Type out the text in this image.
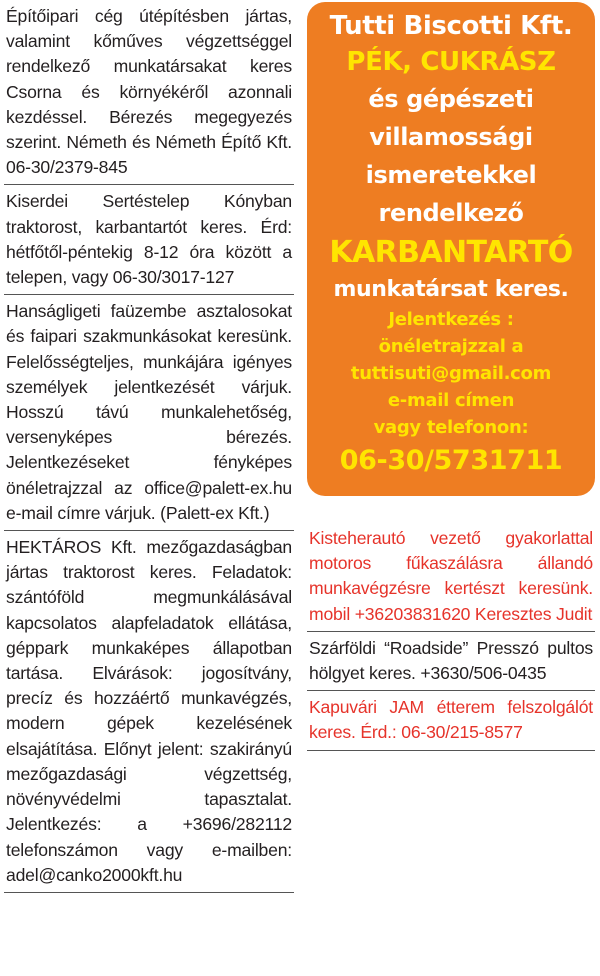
Építőipari cég útépítésben jártas, valamint kőműves végzettséggel rendelkező munkatársakat keres Csorna és környékéről azonnali kezdéssel. Bérezés megegyezés szerint. Németh és Németh Építő Kft. 06-30/2379-845
Kiserdei Sertéstelep Kónyban traktorost, karbantartót keres. Érd: hétfőtől-péntekig 8-12 óra között a telepen, vagy 06-30/3017-127
Hanságligeti faüzembe asztalosokat és faipari szakmunkásokat keresünk. Felelősségteljes, munkájára igényes személyek jelentkezését várjuk. Hosszú távú munkalehetőség, versenyképes bérezés. Jelentkezéseket fényképes önéletrajzzal az office@palett-ex.hu e-mail címre várjuk. (Palett-ex Kft.)
HEKTÁROS Kft. mezőgazdaságban jártas traktorost keres. Feladatok: szántóföld megmunkálásával kapcsolatos alapfeladatok ellátása, géppark munkaképes állapotban tartása. Elvárások: jogosítvány, precíz és hozzáértő munkavégzés, modern gépek kezelésének elsajátítása. Előnyt jelent: szakirányú mezőgazdasági végzettség, növényvédelmi tapasztalat. Jelentkezés: a +3696/282112 telefonszámon vagy e-mailben: adel@canko2000kft.hu
Tutti Biscotti Kft.
PÉK, CUKRÁSZ
és gépészeti
villamossági
ismeretekkel
rendelkező
KARBANTARTÓ
munkatársat keres.
Jelentkezés :
önéletrajzzal a
tuttisuti@gmail.com
e-mail címen
vagy telefonon:
06-30/5731711
Kisteherautó vezető gyakorlattal motoros fűkaszálásra állandó munkavégzésre kertészt keresünk. mobil +36203831620 Keresztes Judit
Szárföldi “Roadside” Presszó pultos hölgyet keres. +3630/506-0435
Kapuvári JAM étterem felszolgálót keres. Érd.: 06-30/215-8577
